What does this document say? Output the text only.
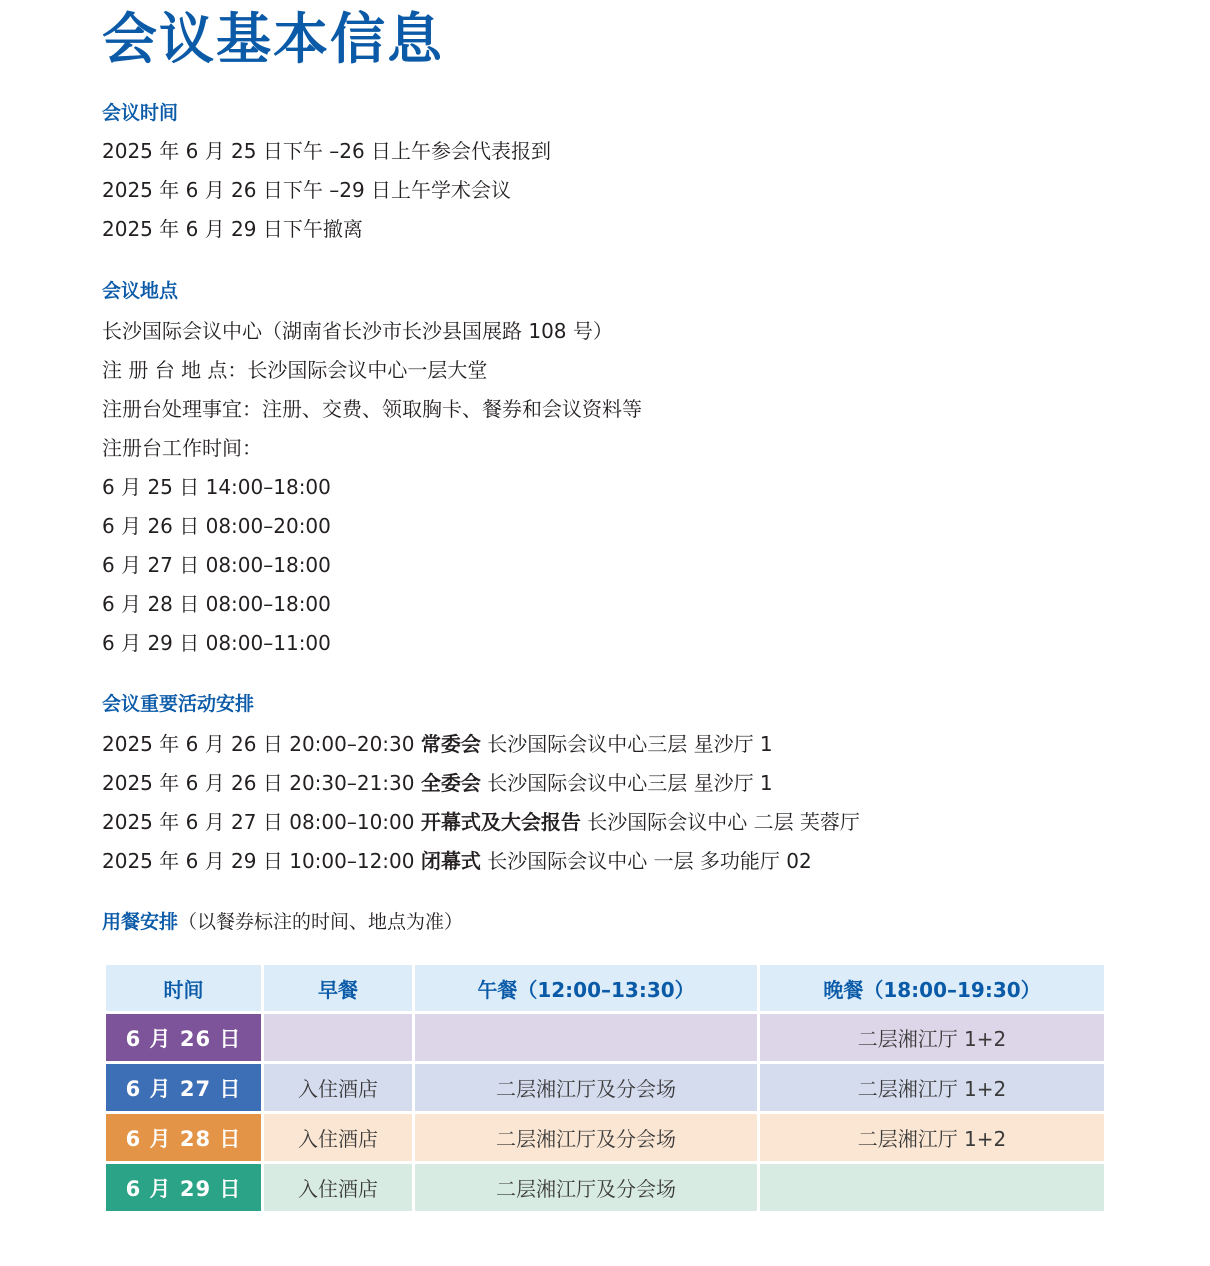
会议基本信息
会议时间
2025 年 6 月 25 日下午 –26 日上午参会代表报到
2025 年 6 月 26 日下午 –29 日上午学术会议
2025 年 6 月 29 日下午撤离
会议地点
长沙国际会议中心（湖南省长沙市长沙县国展路 108 号）
注 册 台 地 点：长沙国际会议中心一层大堂
注册台处理事宜：注册、交费、领取胸卡、餐券和会议资料等
注册台工作时间：
6 月 25 日 14:00–18:00
6 月 26 日 08:00–20:00
6 月 27 日 08:00–18:00
6 月 28 日 08:00–18:00
6 月 29 日 08:00–11:00
会议重要活动安排
2025 年 6 月 26 日 20:00–20:30 常委会 长沙国际会议中心三层 星沙厅 1
2025 年 6 月 26 日 20:30–21:30 全委会 长沙国际会议中心三层 星沙厅 1
2025 年 6 月 27 日 08:00–10:00 开幕式及大会报告 长沙国际会议中心 二层 芙蓉厅
2025 年 6 月 29 日 10:00–12:00 闭幕式 长沙国际会议中心 一层 多功能厅 02
用餐安排（以餐券标注的时间、地点为准）
时间	早餐	午餐（12:00–13:30）	晚餐（18:00–19:30）
6 月 26 日			二层湘江厅 1+2
6 月 27 日	入住酒店	二层湘江厅及分会场	二层湘江厅 1+2
6 月 28 日	入住酒店	二层湘江厅及分会场	二层湘江厅 1+2
6 月 29 日	入住酒店	二层湘江厅及分会场	
